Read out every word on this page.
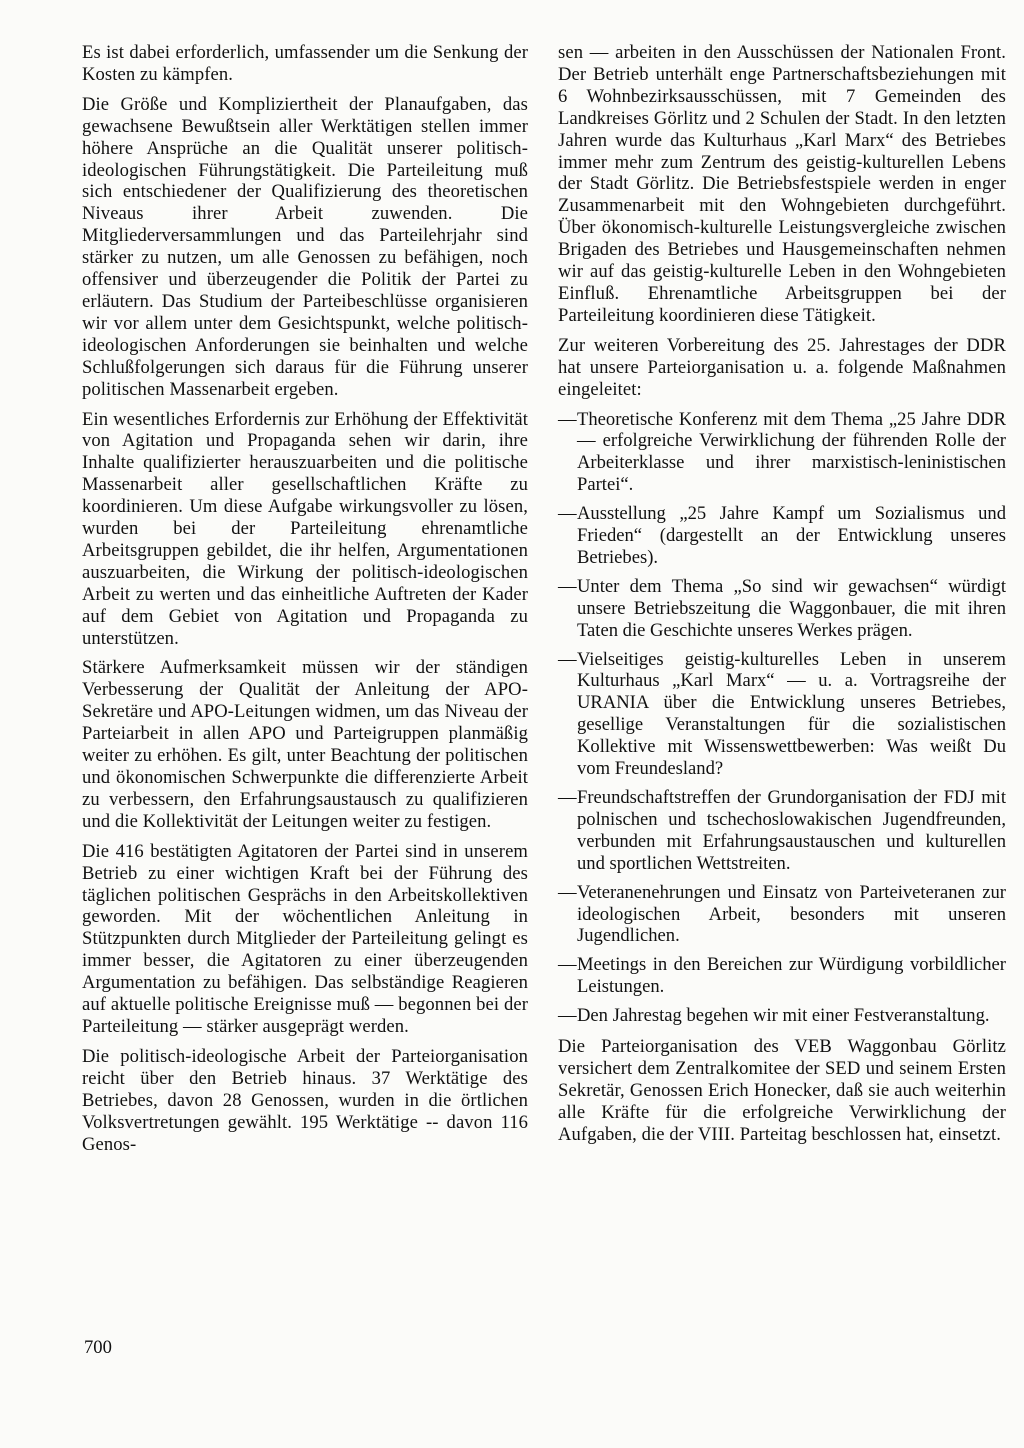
Es ist dabei erforderlich, umfassender um die Senkung der Kosten zu kämpfen.

Die Größe und Kompliziertheit der Planaufgaben, das gewachsene Bewußtsein aller Werktätigen stellen immer höhere Ansprüche an die Qualität unserer politisch-ideologischen Führungstätigkeit. Die Parteileitung muß sich entschiedener der Qualifizierung des theoretischen Niveaus ihrer Arbeit zuwenden. Die Mitgliederversammlungen und das Parteilehrjahr sind stärker zu nutzen, um alle Genossen zu befähigen, noch offensiver und überzeugender die Politik der Partei zu erläutern. Das Studium der Parteibeschlüsse organisieren wir vor allem unter dem Gesichtspunkt, welche politisch-ideologischen Anforderungen sie beinhalten und welche Schlußfolgerungen sich daraus für die Führung unserer politischen Massenarbeit ergeben.

Ein wesentliches Erfordernis zur Erhöhung der Effektivität von Agitation und Propaganda sehen wir darin, ihre Inhalte qualifizierter herauszuarbeiten und die politische Massenarbeit aller gesellschaftlichen Kräfte zu koordinieren. Um diese Aufgabe wirkungsvoller zu lösen, wurden bei der Parteileitung ehrenamtliche Arbeitsgruppen gebildet, die ihr helfen, Argumentationen auszuarbeiten, die Wirkung der politisch-ideologischen Arbeit zu werten und das einheitliche Auftreten der Kader auf dem Gebiet von Agitation und Propaganda zu unterstützen.

Stärkere Aufmerksamkeit müssen wir der ständigen Verbesserung der Qualität der Anleitung der APO-Sekretäre und APO-Leitungen widmen, um das Niveau der Parteiarbeit in allen APO und Parteigruppen planmäßig weiter zu erhöhen. Es gilt, unter Beachtung der politischen und ökonomischen Schwerpunkte die differenzierte Arbeit zu verbessern, den Erfahrungsaustausch zu qualifizieren und die Kollektivität der Leitungen weiter zu festigen.

Die 416 bestätigten Agitatoren der Partei sind in unserem Betrieb zu einer wichtigen Kraft bei der Führung des täglichen politischen Gesprächs in den Arbeitskollektiven geworden. Mit der wöchentlichen Anleitung in Stützpunkten durch Mitglieder der Parteileitung gelingt es immer besser, die Agitatoren zu einer überzeugenden Argumentation zu befähigen. Das selbständige Reagieren auf aktuelle politische Ereignisse muß — begonnen bei der Parteileitung — stärker ausgeprägt werden.

Die politisch-ideologische Arbeit der Parteiorganisation reicht über den Betrieb hinaus. 37 Werktätige des Betriebes, davon 28 Genossen, wurden in die örtlichen Volksvertretungen gewählt. 195 Werktätige -- davon 116 Genos-

sen — arbeiten in den Ausschüssen der Nationalen Front. Der Betrieb unterhält enge Partnerschaftsbeziehungen mit 6 Wohnbezirksausschüssen, mit 7 Gemeinden des Landkreises Görlitz und 2 Schulen der Stadt. In den letzten Jahren wurde das Kulturhaus „Karl Marx“ des Betriebes immer mehr zum Zentrum des geistig-kulturellen Lebens der Stadt Görlitz. Die Betriebsfestspiele werden in enger Zusammenarbeit mit den Wohngebieten durchgeführt. Über ökonomisch-kulturelle Leistungsvergleiche zwischen Brigaden des Betriebes und Hausgemeinschaften nehmen wir auf das geistig-kulturelle Leben in den Wohngebieten Einfluß. Ehrenamtliche Arbeitsgruppen bei der Parteileitung koordinieren diese Tätigkeit.

Zur weiteren Vorbereitung des 25. Jahrestages der DDR hat unsere Parteiorganisation u. a. folgende Maßnahmen eingeleitet:

— Theoretische Konferenz mit dem Thema „25 Jahre DDR — erfolgreiche Verwirklichung der führenden Rolle der Arbeiterklasse und ihrer marxistisch-leninistischen Partei“.
— Ausstellung „25 Jahre Kampf um Sozialismus und Frieden“ (dargestellt an der Entwicklung unseres Betriebes).
— Unter dem Thema „So sind wir gewachsen“ würdigt unsere Betriebszeitung die Waggonbauer, die mit ihren Taten die Geschichte unseres Werkes prägen.
— Vielseitiges geistig-kulturelles Leben in unserem Kulturhaus „Karl Marx“ — u. a. Vortragsreihe der URANIA über die Entwicklung unseres Betriebes, gesellige Veranstaltungen für die sozialistischen Kollektive mit Wissenswettbewerben: Was weißt Du vom Freundesland?
— Freundschaftstreffen der Grundorganisation der FDJ mit polnischen und tschechoslowakischen Jugendfreunden, verbunden mit Erfahrungsaustauschen und kulturellen und sportlichen Wettstreiten.
— Veteranenehrungen und Einsatz von Parteiveteranen zur ideologischen Arbeit, besonders mit unseren Jugendlichen.
— Meetings in den Bereichen zur Würdigung vorbildlicher Leistungen.
— Den Jahrestag begehen wir mit einer Festveranstaltung.

Die Parteiorganisation des VEB Waggonbau Görlitz versichert dem Zentralkomitee der SED und seinem Ersten Sekretär, Genossen Erich Honecker, daß sie auch weiterhin alle Kräfte für die erfolgreiche Verwirklichung der Aufgaben, die der VIII. Parteitag beschlossen hat, einsetzt.

700
